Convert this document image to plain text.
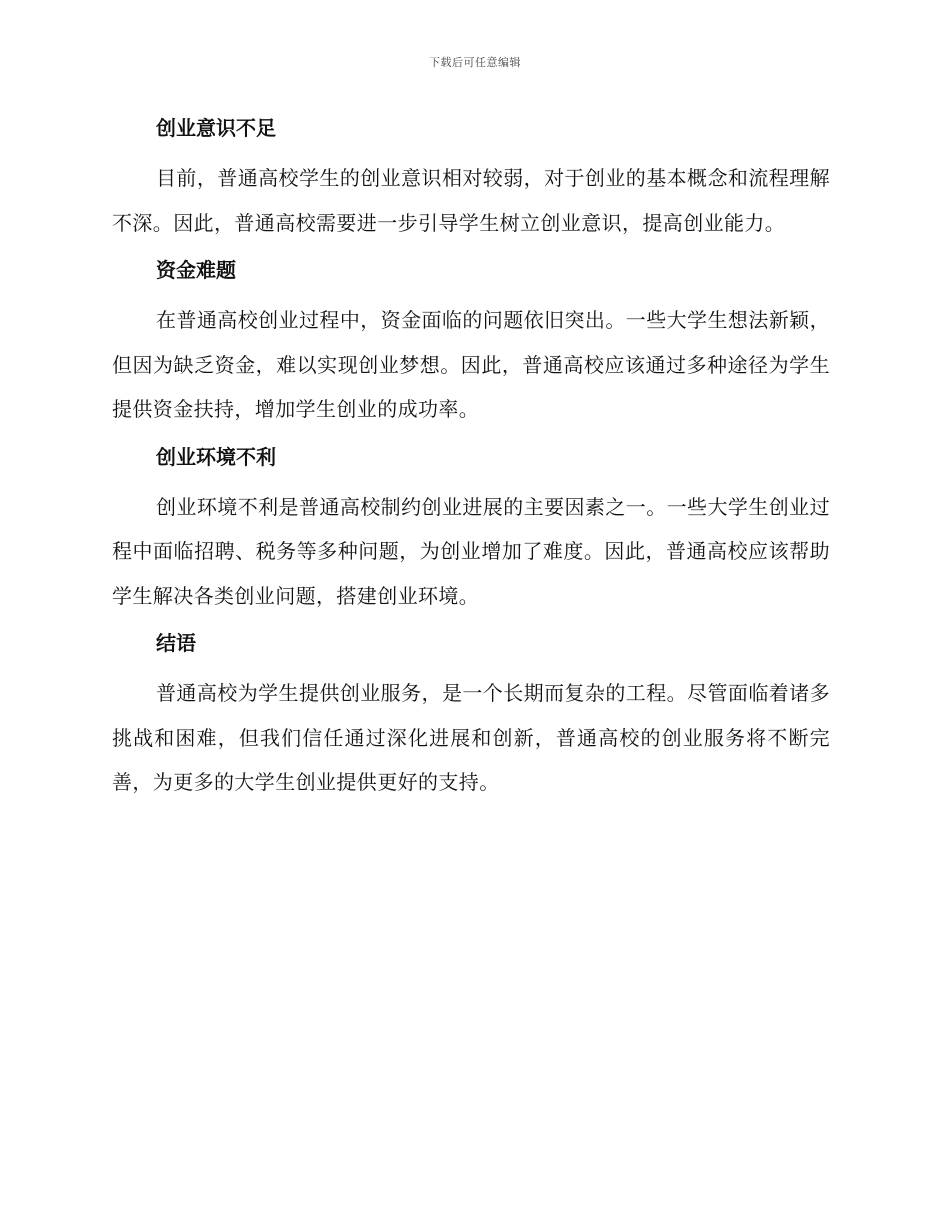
下载后可任意编辑
创业意识不足

目前，普通高校学生的创业意识相对较弱，对于创业的基本概念和流程理解不深。因此，普通高校需要进一步引导学生树立创业意识，提高创业能力。

资金难题

在普通高校创业过程中，资金面临的问题依旧突出。一些大学生想法新颖，但因为缺乏资金，难以实现创业梦想。因此，普通高校应该通过多种途径为学生提供资金扶持，增加学生创业的成功率。

创业环境不利

创业环境不利是普通高校制约创业进展的主要因素之一。一些大学生创业过程中面临招聘、税务等多种问题，为创业增加了难度。因此，普通高校应该帮助学生解决各类创业问题，搭建创业环境。

结语

普通高校为学生提供创业服务，是一个长期而复杂的工程。尽管面临着诸多挑战和困难，但我们信任通过深化进展和创新，普通高校的创业服务将不断完善，为更多的大学生创业提供更好的支持。
